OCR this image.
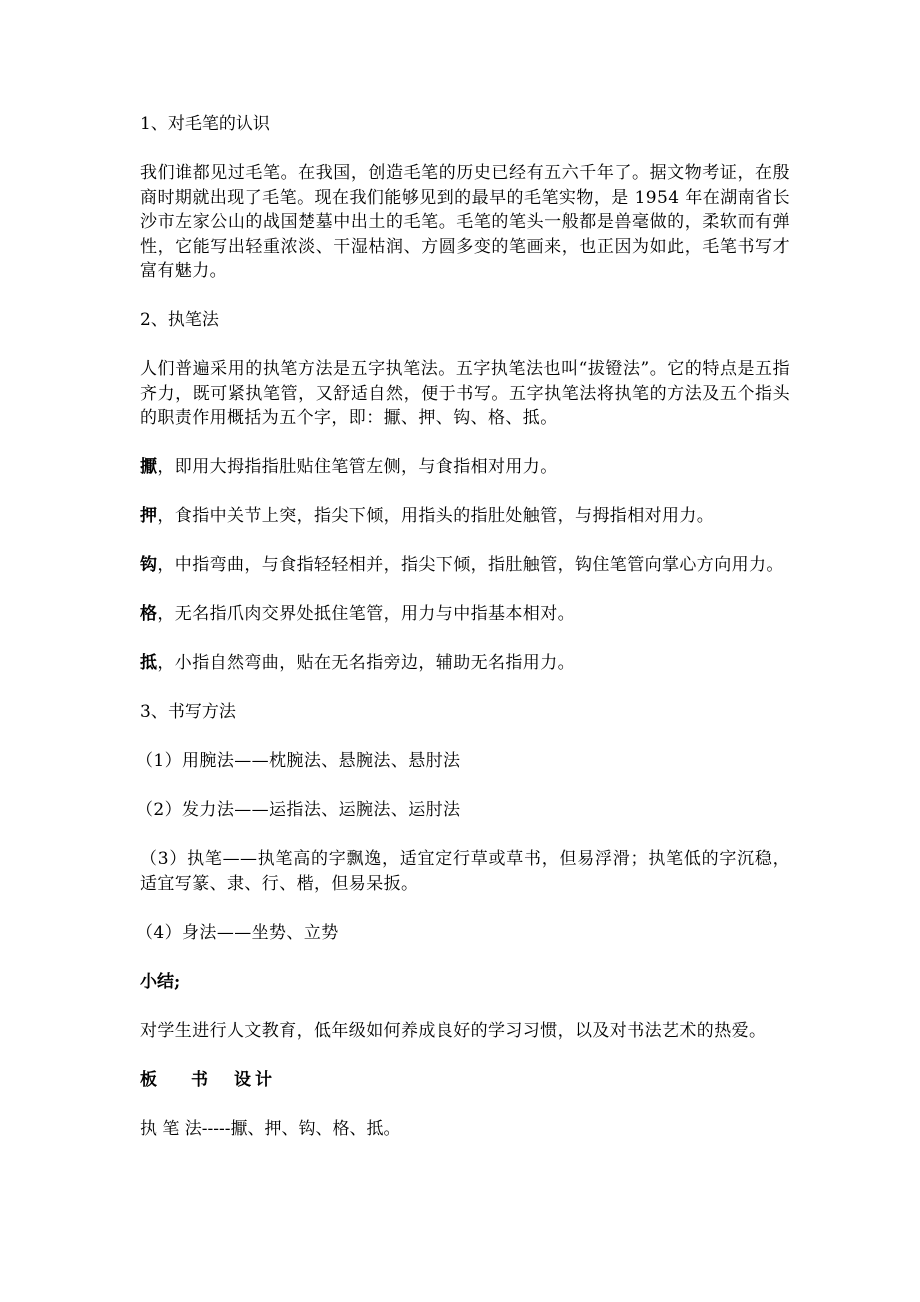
1、对毛笔的认识

我们谁都见过毛笔。在我国，创造毛笔的历史已经有五六千年了。据文物考证，在殷商时期就出现了毛笔。现在我们能够见到的最早的毛笔实物，是 1954 年在湖南省长沙市左家公山的战国楚墓中出土的毛笔。毛笔的笔头一般都是兽毫做的，柔软而有弹性，它能写出轻重浓淡、干湿枯润、方圆多变的笔画来，也正因为如此，毛笔书写才富有魅力。

2、执笔法

人们普遍采用的执笔方法是五字执笔法。五字执笔法也叫“拔镫法”。它的特点是五指齐力，既可紧执笔管，又舒适自然，便于书写。五字执笔法将执笔的方法及五个指头的职责作用概括为五个字，即：擫、押、钩、格、抵。

擫，即用大拇指指肚贴住笔管左侧，与食指相对用力。

押，食指中关节上突，指尖下倾，用指头的指肚处触管，与拇指相对用力。

钩，中指弯曲，与食指轻轻相并，指尖下倾，指肚触管，钩住笔管向掌心方向用力。

格，无名指爪肉交界处抵住笔管，用力与中指基本相对。

抵，小指自然弯曲，贴在无名指旁边，辅助无名指用力。

3、书写方法

（1）用腕法——枕腕法、悬腕法、悬肘法

（2）发力法——运指法、运腕法、运肘法

（3）执笔——执笔高的字飘逸，适宜定行草或草书，但易浮滑；执笔低的字沉稳，适宜写篆、隶、行、楷，但易呆扳。

（4）身法——坐势、立势

小结;

对学生进行人文教育，低年级如何养成良好的学习习惯，以及对书法艺术的热爱。

板 书 设 计

执 笔 法-----擫、押、钩、格、抵。
